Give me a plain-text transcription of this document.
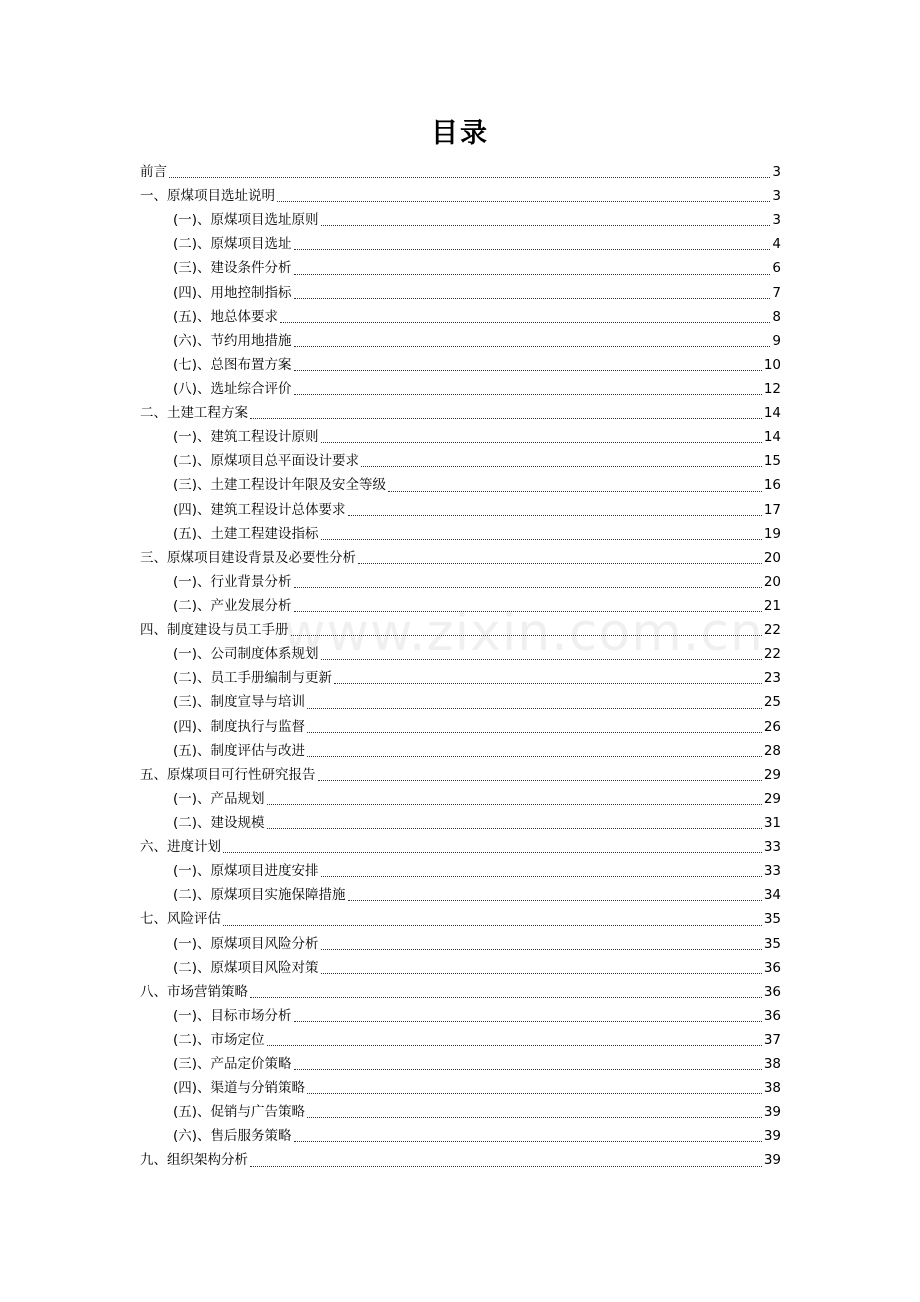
目录
www.zixin.com.cn
前言	3
一、原煤项目选址说明	3
(一)、原煤项目选址原则	3
(二)、原煤项目选址	4
(三)、建设条件分析	6
(四)、用地控制指标	7
(五)、地总体要求	8
(六)、节约用地措施	9
(七)、总图布置方案	10
(八)、选址综合评价	12
二、土建工程方案	14
(一)、建筑工程设计原则	14
(二)、原煤项目总平面设计要求	15
(三)、土建工程设计年限及安全等级	16
(四)、建筑工程设计总体要求	17
(五)、土建工程建设指标	19
三、原煤项目建设背景及必要性分析	20
(一)、行业背景分析	20
(二)、产业发展分析	21
四、制度建设与员工手册	22
(一)、公司制度体系规划	22
(二)、员工手册编制与更新	23
(三)、制度宣导与培训	25
(四)、制度执行与监督	26
(五)、制度评估与改进	28
五、原煤项目可行性研究报告	29
(一)、产品规划	29
(二)、建设规模	31
六、进度计划	33
(一)、原煤项目进度安排	33
(二)、原煤项目实施保障措施	34
七、风险评估	35
(一)、原煤项目风险分析	35
(二)、原煤项目风险对策	36
八、市场营销策略	36
(一)、目标市场分析	36
(二)、市场定位	37
(三)、产品定价策略	38
(四)、渠道与分销策略	38
(五)、促销与广告策略	39
(六)、售后服务策略	39
九、组织架构分析	39
